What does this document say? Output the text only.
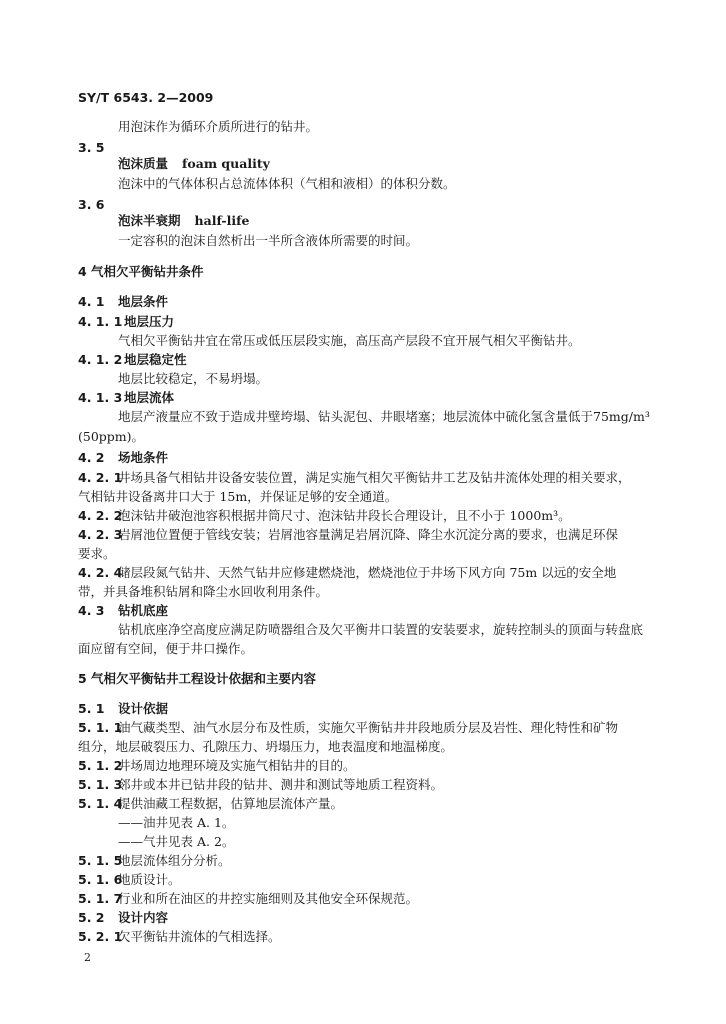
SY/T 6543. 2—2009
用泡沫作为循环介质所进行的钻井。
3. 5
泡沫质量 foam quality
泡沫中的气体体积占总流体体积（气相和液相）的体积分数。
3. 6
泡沫半衰期 half-life
一定容积的泡沫自然析出一半所含液体所需要的时间。
4 气相欠平衡钻井条件
4. 1 地层条件
4. 1. 1 地层压力
气相欠平衡钻井宜在常压或低压层段实施，高压高产层段不宜开展气相欠平衡钻井。
4. 1. 2 地层稳定性
地层比较稳定，不易坍塌。
4. 1. 3 地层流体
地层产液量应不致于造成井壁垮塌、钻头泥包、井眼堵塞；地层流体中硫化氢含量低于 75mg/m³
(50ppm)。
4. 2 场地条件
4. 2. 1井场具备气相钻井设备安装位置，满足实施气相欠平衡钻井工艺及钻井流体处理的相关要求，
气相钻井设备离井口大于 15m，并保证足够的安全通道。
4. 2. 2泡沫钻井破泡池容积根据井筒尺寸、泡沫钻井段长合理设计，且不小于 1000m³。
4. 2. 3岩屑池位置便于管线安装；岩屑池容量满足岩屑沉降、降尘水沉淀分离的要求，也满足环保
要求。
4. 2. 4储层段氮气钻井、天然气钻井应修建燃烧池，燃烧池位于井场下风方向 75m 以远的安全地
带，并具备堆积钻屑和降尘水回收利用条件。
4. 3 钻机底座
钻机底座净空高度应满足防喷器组合及欠平衡井口装置的安装要求，旋转控制头的顶面与转盘底
面应留有空间，便于井口操作。
5 气相欠平衡钻井工程设计依据和主要内容
5. 1 设计依据
5. 1. 1油气藏类型、油气水层分布及性质，实施欠平衡钻井井段地质分层及岩性、理化特性和矿物
组分，地层破裂压力、孔隙压力、坍塌压力，地表温度和地温梯度。
5. 1. 2井场周边地理环境及实施气相钻井的目的。
5. 1. 3邻井或本井已钻井段的钻井、测井和测试等地质工程资料。
5. 1. 4提供油藏工程数据，估算地层流体产量。
——油井见表 A. 1。
——气井见表 A. 2。
5. 1. 5地层流体组分分析。
5. 1. 6地质设计。
5. 1. 7行业和所在油区的井控实施细则及其他安全环保规范。
5. 2 设计内容
5. 2. 1欠平衡钻井流体的气相选择。
2
